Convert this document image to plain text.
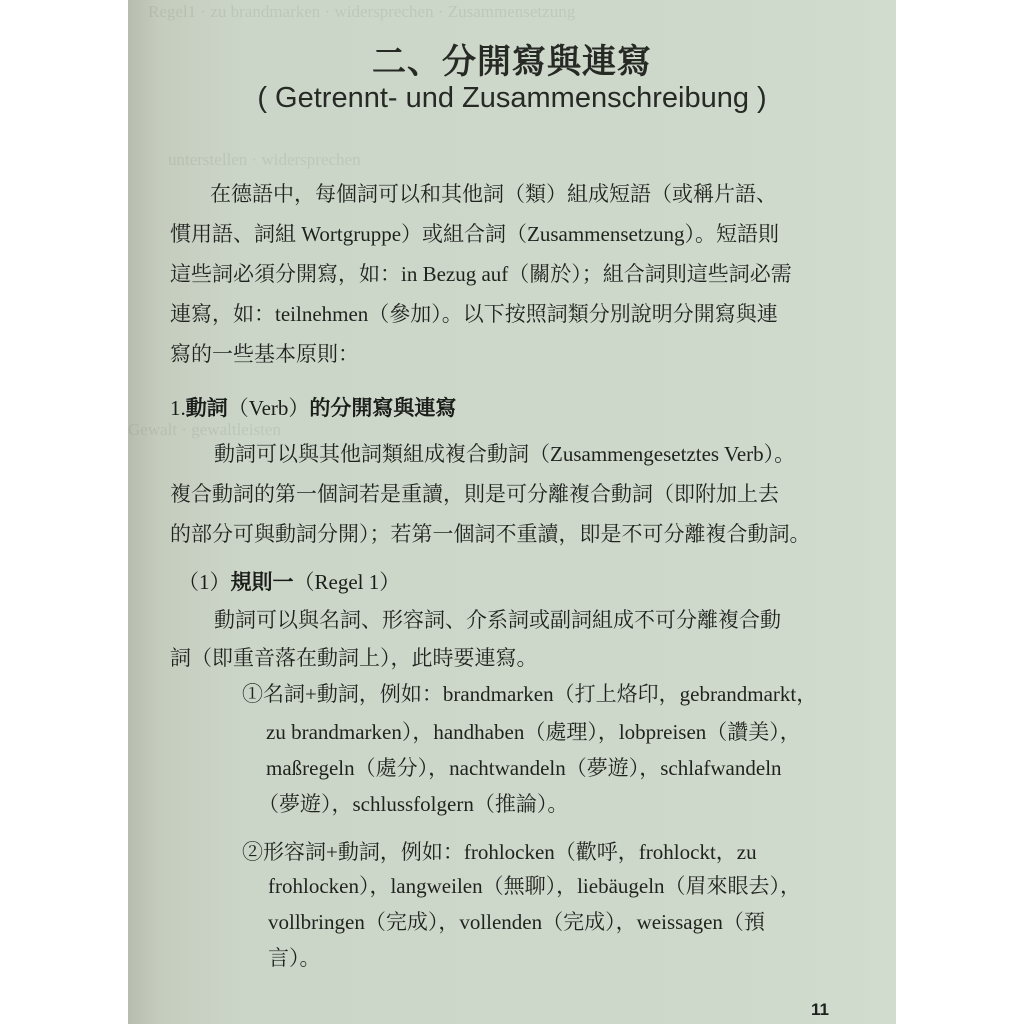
Regel1 · zu brandmarken · widersprechen · Zusammensetzung
unterstellen · widersprechen
Gewalt · gewaltleisten
二、分開寫與連寫
( Getrennt- und Zusammenschreibung )
在德語中，每個詞可以和其他詞（類）組成短語（或稱片語、
慣用語、詞組 Wortgruppe）或組合詞（Zusammensetzung）。短語則
這些詞必須分開寫，如：in Bezug auf（關於）；組合詞則這些詞必需
連寫，如：teilnehmen（參加）。以下按照詞類分別說明分開寫與連
寫的一些基本原則：
1.動詞（Verb）的分開寫與連寫
動詞可以與其他詞類組成複合動詞（Zusammengesetztes Verb）。
複合動詞的第一個詞若是重讀，則是可分離複合動詞（即附加上去
的部分可與動詞分開）；若第一個詞不重讀，即是不可分離複合動詞。
（1）規則一（Regel 1）
動詞可以與名詞、形容詞、介系詞或副詞組成不可分離複合動
詞（即重音落在動詞上），此時要連寫。
①名詞+動詞，例如：brandmarken（打上烙印，gebrandmarkt，
zu brandmarken），handhaben（處理），lobpreisen（讚美），
maßregeln（處分），nachtwandeln（夢遊），schlafwandeln
（夢遊），schlussfolgern（推論）。
②形容詞+動詞，例如：frohlocken（歡呼，frohlockt，zu
frohlocken），langweilen（無聊），liebäugeln（眉來眼去），
vollbringen（完成），vollenden（完成），weissagen（預
言）。
11
